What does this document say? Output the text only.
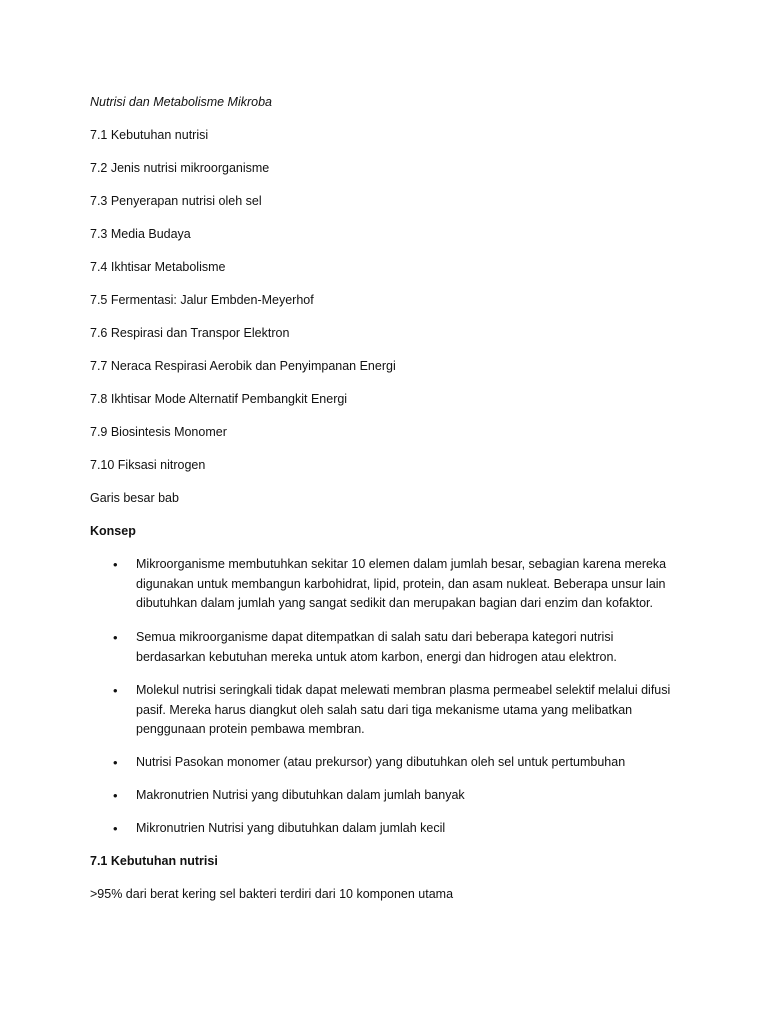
Nutrisi dan Metabolisme Mikroba
7.1 Kebutuhan nutrisi
7.2 Jenis nutrisi mikroorganisme
7.3 Penyerapan nutrisi oleh sel
7.3 Media Budaya
7.4 Ikhtisar Metabolisme
7.5 Fermentasi: Jalur Embden-Meyerhof
7.6 Respirasi dan Transpor Elektron
7.7 Neraca Respirasi Aerobik dan Penyimpanan Energi
7.8 Ikhtisar Mode Alternatif Pembangkit Energi
7.9 Biosintesis Monomer
7.10 Fiksasi nitrogen
Garis besar bab
Konsep
• Mikroorganisme membutuhkan sekitar 10 elemen dalam jumlah besar, sebagian karena mereka digunakan untuk membangun karbohidrat, lipid, protein, dan asam nukleat. Beberapa unsur lain dibutuhkan dalam jumlah yang sangat sedikit dan merupakan bagian dari enzim dan kofaktor.
• Semua mikroorganisme dapat ditempatkan di salah satu dari beberapa kategori nutrisi berdasarkan kebutuhan mereka untuk atom karbon, energi dan hidrogen atau elektron.
• Molekul nutrisi seringkali tidak dapat melewati membran plasma permeabel selektif melalui difusi pasif. Mereka harus diangkut oleh salah satu dari tiga mekanisme utama yang melibatkan penggunaan protein pembawa membran.
• Nutrisi Pasokan monomer (atau prekursor) yang dibutuhkan oleh sel untuk pertumbuhan
• Makronutrien Nutrisi yang dibutuhkan dalam jumlah banyak
• Mikronutrien Nutrisi yang dibutuhkan dalam jumlah kecil
7.1 Kebutuhan nutrisi
>95% dari berat kering sel bakteri terdiri dari 10 komponen utama
